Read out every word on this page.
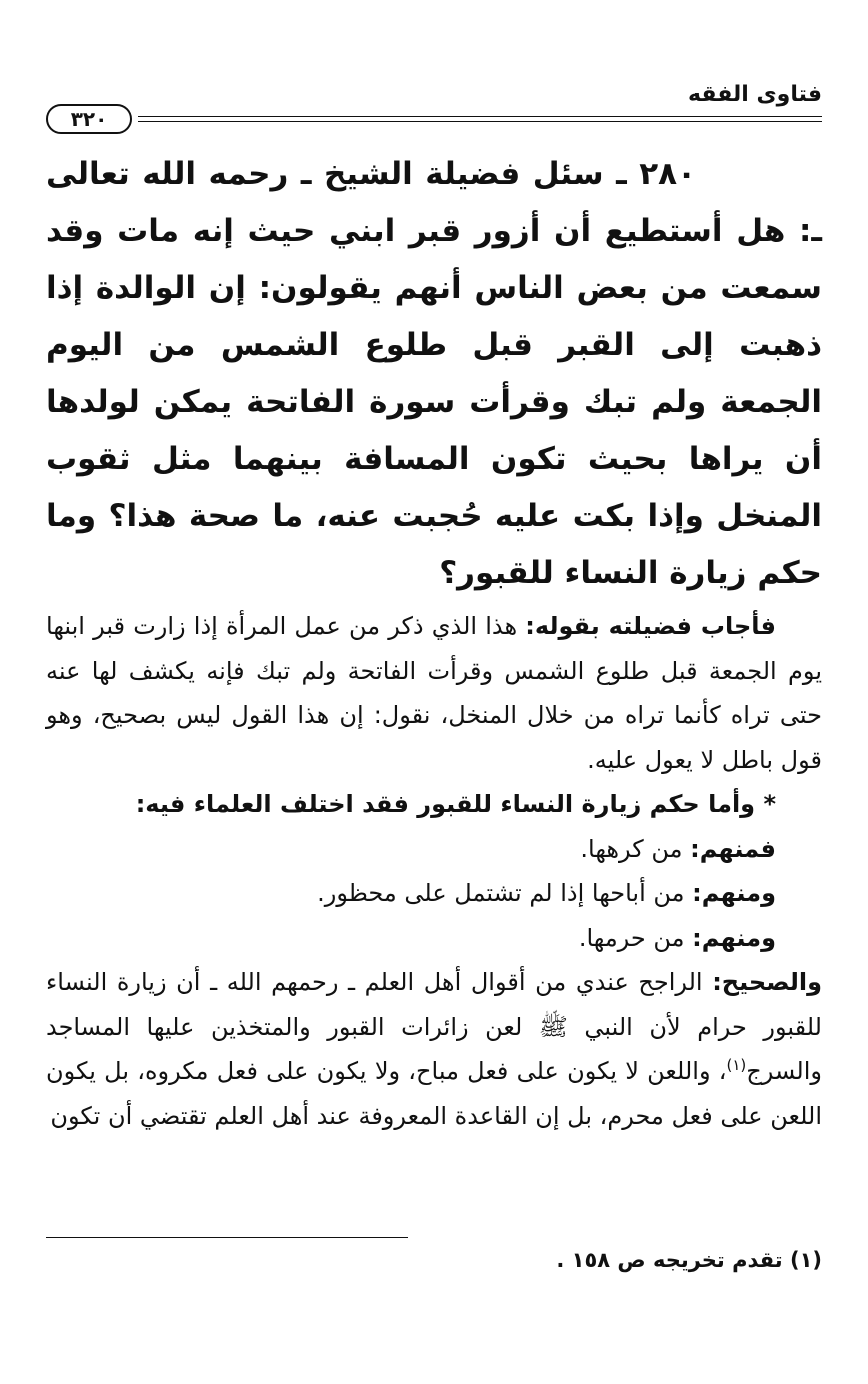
فتاوى الفقه
٣٢٠
٢٨٠ ـ سئل فضيلة الشيخ ـ رحمه الله تعالى ـ: هل أستطيع أن أزور قبر ابني حيث إنه مات وقد سمعت من بعض الناس أنهم يقولون: إن الوالدة إذا ذهبت إلى القبر قبل طلوع الشمس من اليوم الجمعة ولم تبك وقرأت سورة الفاتحة يمكن لولدها أن يراها بحيث تكون المسافة بينهما مثل ثقوب المنخل وإذا بكت عليه حُجبت عنه، ما صحة هذا؟ وما حكم زيارة النساء للقبور؟

فأجاب فضيلته بقوله: هذا الذي ذكر من عمل المرأة إذا زارت قبر ابنها يوم الجمعة قبل طلوع الشمس وقرأت الفاتحة ولم تبك فإنه يكشف لها عنه حتى تراه كأنما تراه من خلال المنخل، نقول: إن هذا القول ليس بصحيح، وهو قول باطل لا يعول عليه.

* وأما حكم زيارة النساء للقبور فقد اختلف العلماء فيه:

فمنهم: من كرهها.

ومنهم: من أباحها إذا لم تشتمل على محظور.

ومنهم: من حرمها.

والصحيح: الراجح عندي من أقوال أهل العلم ـ رحمهم الله ـ أن زيارة النساء للقبور حرام لأن النبي ﷺ لعن زائرات القبور والمتخذين عليها المساجد والسرج$^{(١)}$، واللعن لا يكون على فعل مباح، ولا يكون على فعل مكروه، بل يكون اللعن على فعل محرم، بل إن القاعدة المعروفة عند أهل العلم تقتضي أن تكون

(١) تقدم تخريجه ص ١٥٨ .
